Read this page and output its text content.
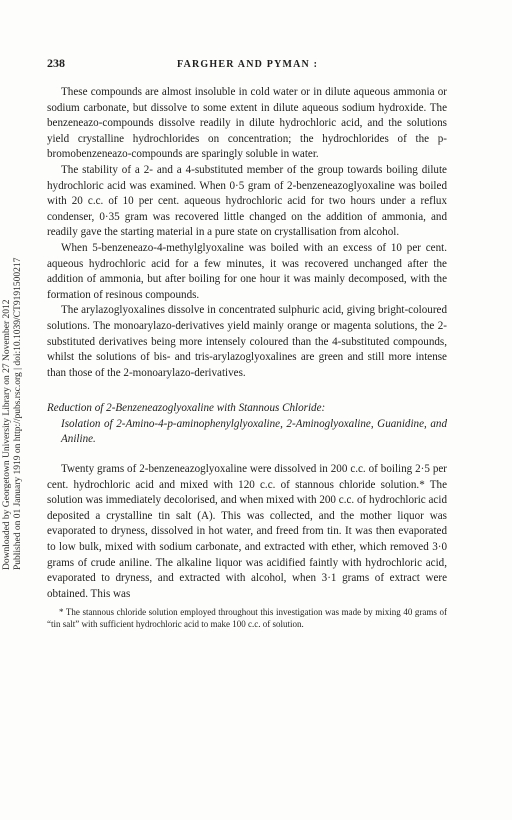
Downloaded by Georgetown University Library on 27 November 2012 Published on 01 January 1919 on http://pubs.rsc.org | doi:10.1039/CT9191500217
238	FARGHER AND PYMAN :

These compounds are almost insoluble in cold water or in dilute aqueous ammonia or sodium carbonate, but dissolve to some extent in dilute aqueous sodium hydroxide. The benzeneazo-compounds dissolve readily in dilute hydrochloric acid, and the solutions yield crystalline hydrochlorides on concentration; the hydrochlorides of the p-bromobenzeneazo-compounds are sparingly soluble in water.

The stability of a 2- and a 4-substituted member of the group towards boiling dilute hydrochloric acid was examined. When 0·5 gram of 2-benzeneazoglyoxaline was boiled with 20 c.c. of 10 per cent. aqueous hydrochloric acid for two hours under a reflux condenser, 0·35 gram was recovered little changed on the addition of ammonia, and readily gave the starting material in a pure state on crystallisation from alcohol.

When 5-benzeneazo-4-methylglyoxaline was boiled with an excess of 10 per cent. aqueous hydrochloric acid for a few minutes, it was recovered unchanged after the addition of ammonia, but after boiling for one hour it was mainly decomposed, with the formation of resinous compounds.

The arylazoglyoxalines dissolve in concentrated sulphuric acid, giving bright-coloured solutions. The monoarylazo-derivatives yield mainly orange or magenta solutions, the 2-substituted derivatives being more intensely coloured than the 4-substituted compounds, whilst the solutions of bis- and tris-arylazoglyoxalines are green and still more intense than those of the 2-monoarylazo-derivatives.

Reduction of 2-Benzeneazoglyoxaline with Stannous Chloride:
Isolation of 2-Amino-4-p-aminophenylglyoxaline, 2-Aminoglyoxaline, Guanidine, and Aniline.

Twenty grams of 2-benzeneazoglyoxaline were dissolved in 200 c.c. of boiling 2·5 per cent. hydrochloric acid and mixed with 120 c.c. of stannous chloride solution.* The solution was immediately decolorised, and when mixed with 200 c.c. of hydrochloric acid deposited a crystalline tin salt (A). This was collected, and the mother liquor was evaporated to dryness, dissolved in hot water, and freed from tin. It was then evaporated to low bulk, mixed with sodium carbonate, and extracted with ether, which removed 3·0 grams of crude aniline. The alkaline liquor was acidified faintly with hydrochloric acid, evaporated to dryness, and extracted with alcohol, when 3·1 grams of extract were obtained. This was

* The stannous chloride solution employed throughout this investigation was made by mixing 40 grams of “tin salt” with sufficient hydrochloric acid to make 100 c.c. of solution.
